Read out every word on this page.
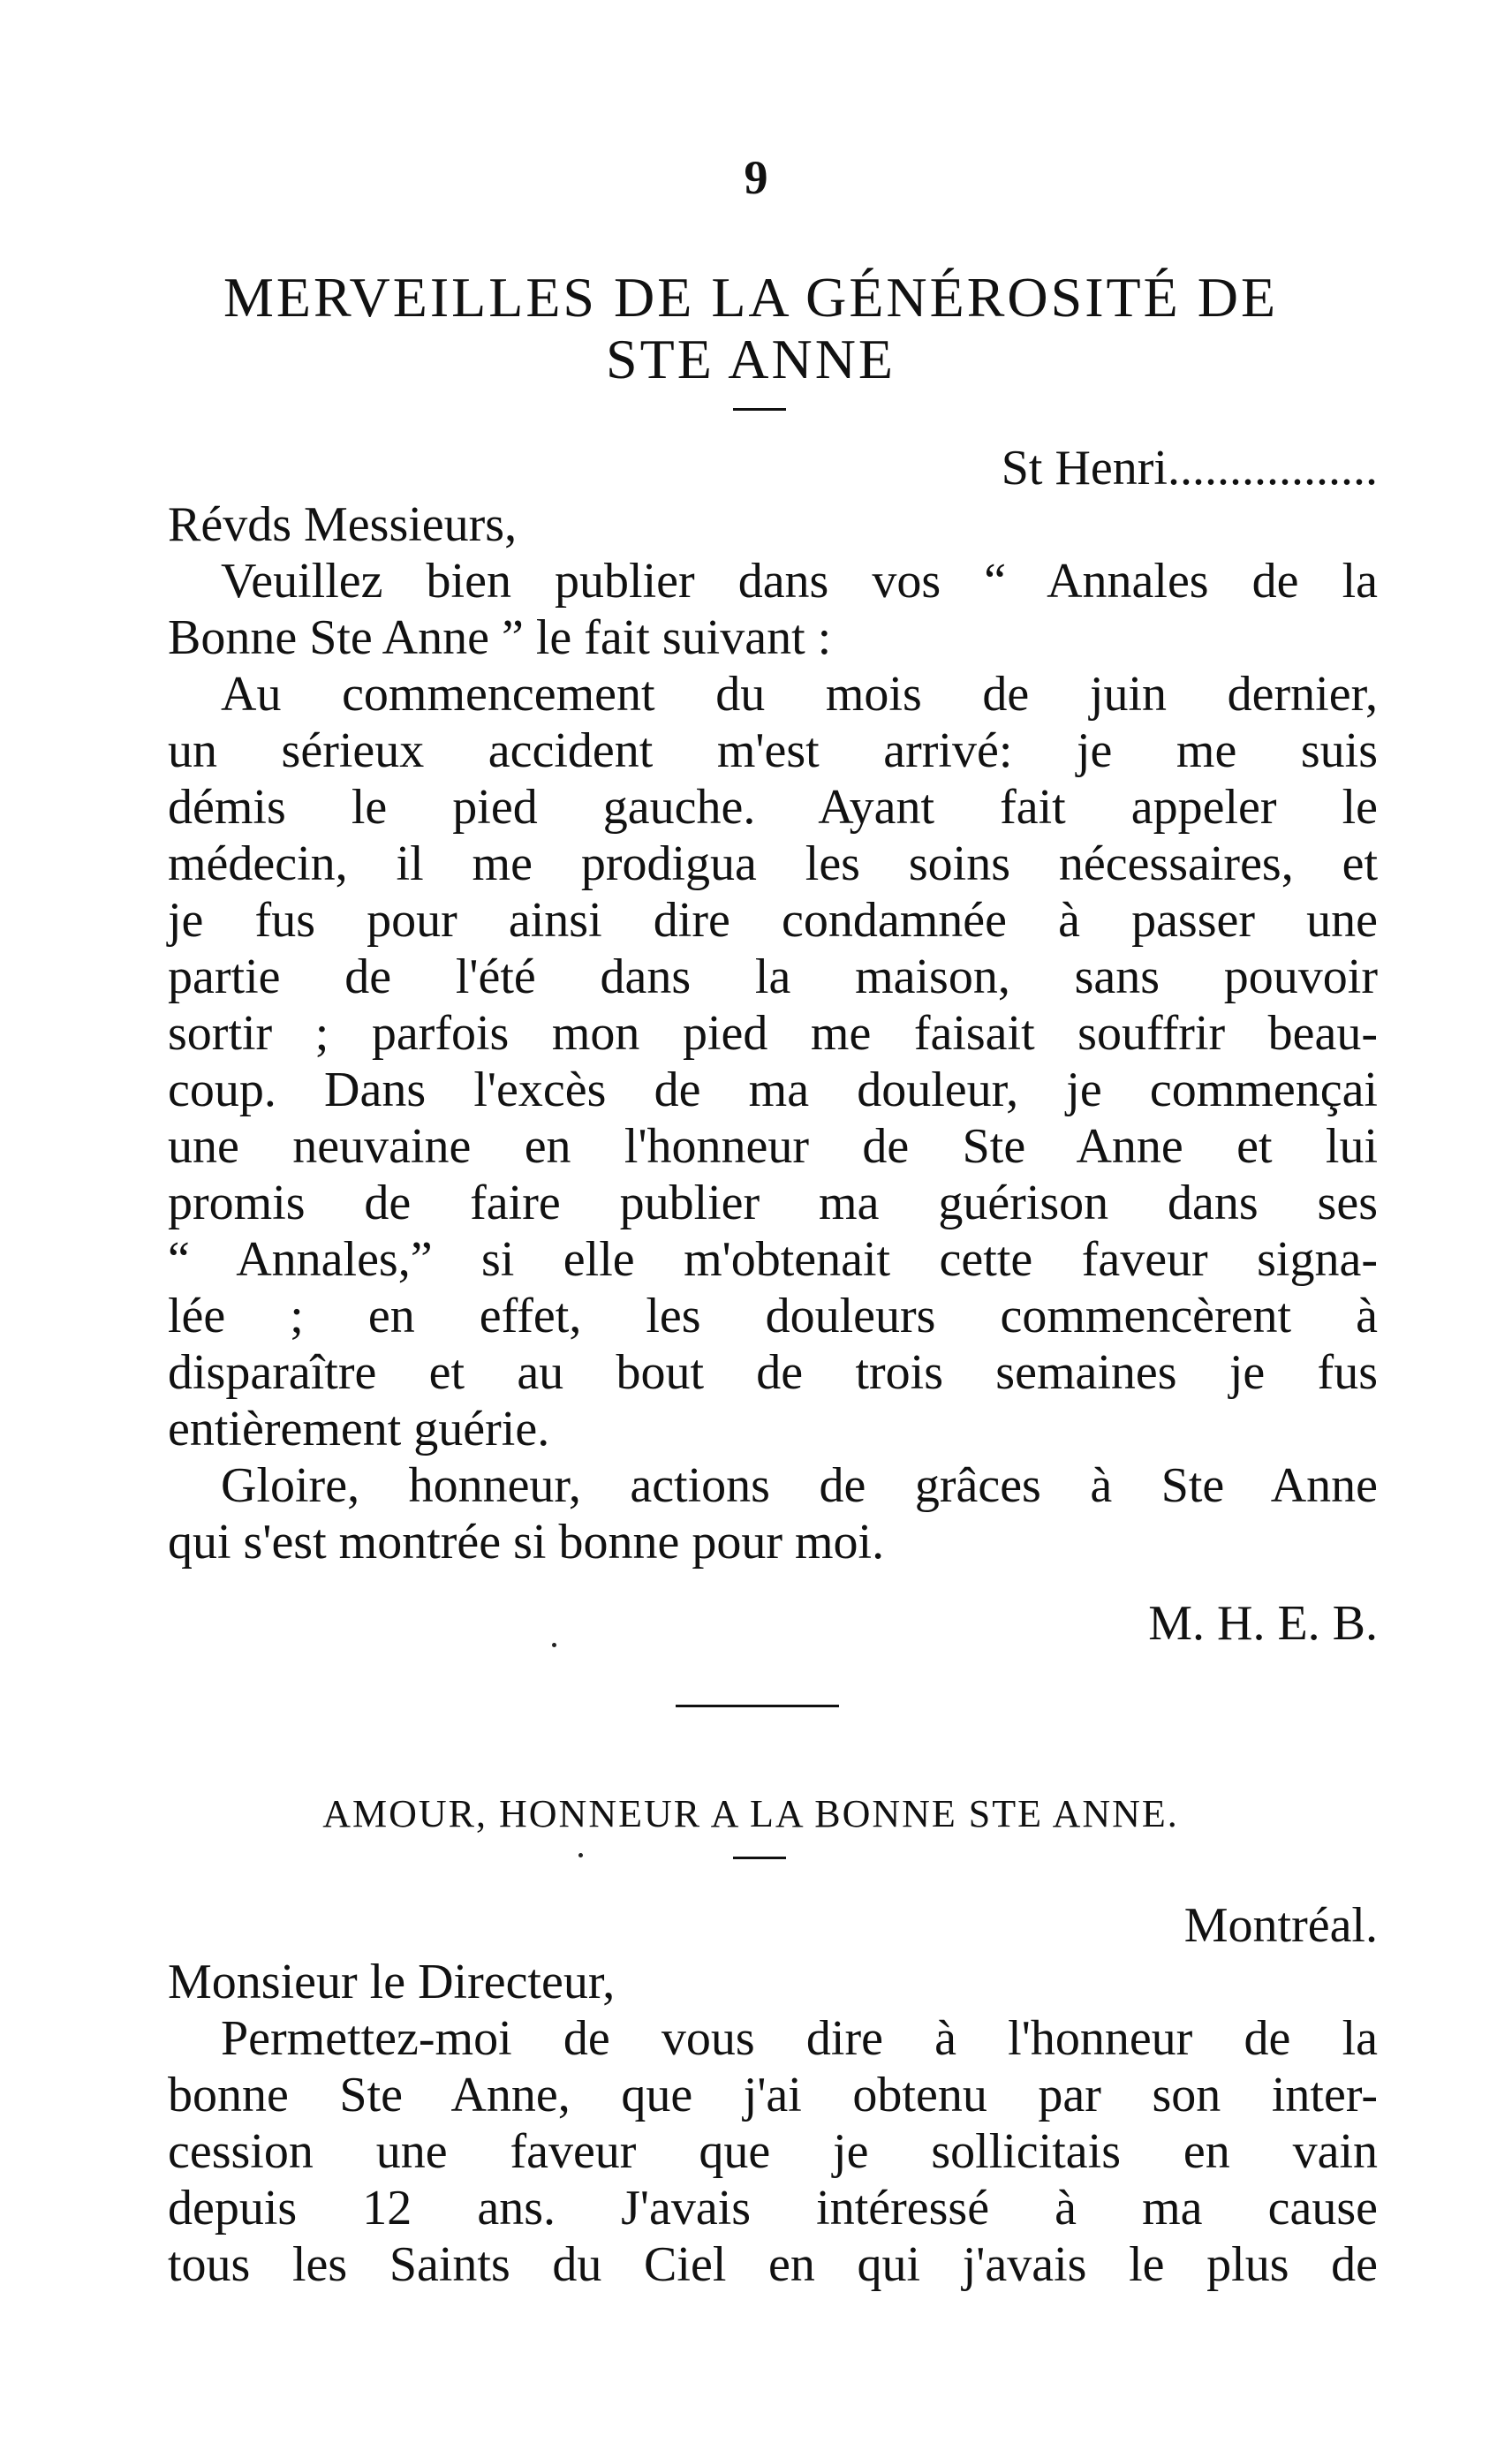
9
MERVEILLES DE LA GÉNÉROSITÉ DE
STE ANNE
St Henri.................
Révds Messieurs,
Veuillez bien publier dans vos “ Annales de la
Bonne Ste Anne ” le fait suivant :
Au commencement du mois de juin dernier,
un sérieux accident m'est arrivé: je me suis
démis le pied gauche. Ayant fait appeler le
médecin, il me prodigua les soins nécessaires, et
je fus pour ainsi dire condamnée à passer une
partie de l'été dans la maison, sans pouvoir
sortir ; parfois mon pied me faisait souffrir beau-
coup. Dans l'excès de ma douleur, je commençai
une neuvaine en l'honneur de Ste Anne et lui
promis de faire publier ma guérison dans ses
“ Annales,” si elle m'obtenait cette faveur signa-
lée ; en effet, les douleurs commencèrent à
disparaître et au bout de trois semaines je fus
entièrement guérie.
Gloire, honneur, actions de grâces à Ste Anne
qui s'est montrée si bonne pour moi.
M. H. E. B.
AMOUR, HONNEUR A LA BONNE STE ANNE.
Montréal.
Monsieur le Directeur,
Permettez-moi de vous dire à l'honneur de la
bonne Ste Anne, que j'ai obtenu par son inter-
cession une faveur que je sollicitais en vain
depuis 12 ans. J'avais intéressé à ma cause
tous les Saints du Ciel en qui j'avais le plus de
